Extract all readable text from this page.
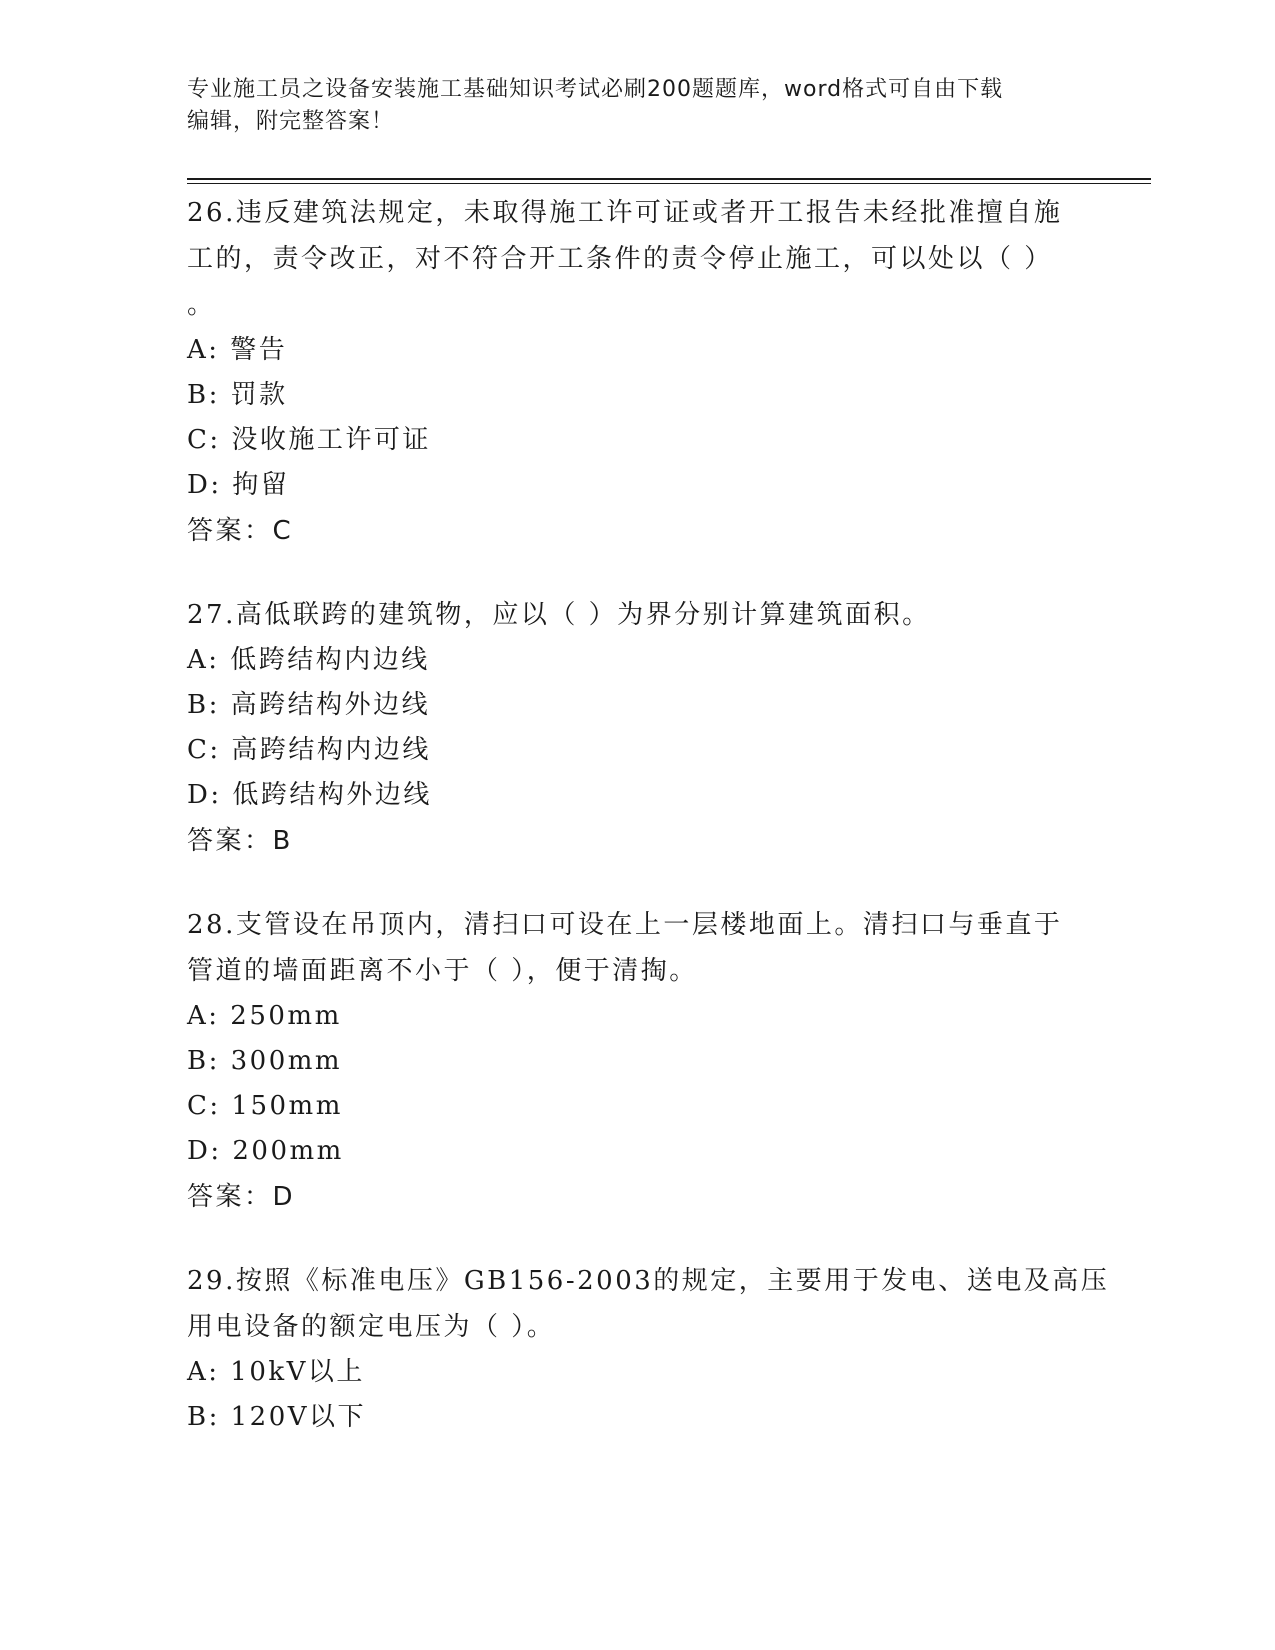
专业施工员之设备安装施工基础知识考试必刷200题题库，word格式可自由下载
编辑，附完整答案！
26.违反建筑法规定，未取得施工许可证或者开工报告未经批准擅自施
工的，责令改正，对不符合开工条件的责令停止施工，可以处以（ ）
。
A: 警告
B: 罚款
C: 没收施工许可证
D: 拘留
答案：C
27.高低联跨的建筑物，应以（ ）为界分别计算建筑面积。
A: 低跨结构内边线
B: 高跨结构外边线
C: 高跨结构内边线
D: 低跨结构外边线
答案：B
28.支管设在吊顶内，清扫口可设在上一层楼地面上。清扫口与垂直于
管道的墙面距离不小于（ ），便于清掏。
A: 250mm
B: 300mm
C: 150mm
D: 200mm
答案：D
29.按照《标准电压》GB156-2003的规定，主要用于发电、送电及高压
用电设备的额定电压为（ ）。
A: 10kV以上
B: 120V以下
